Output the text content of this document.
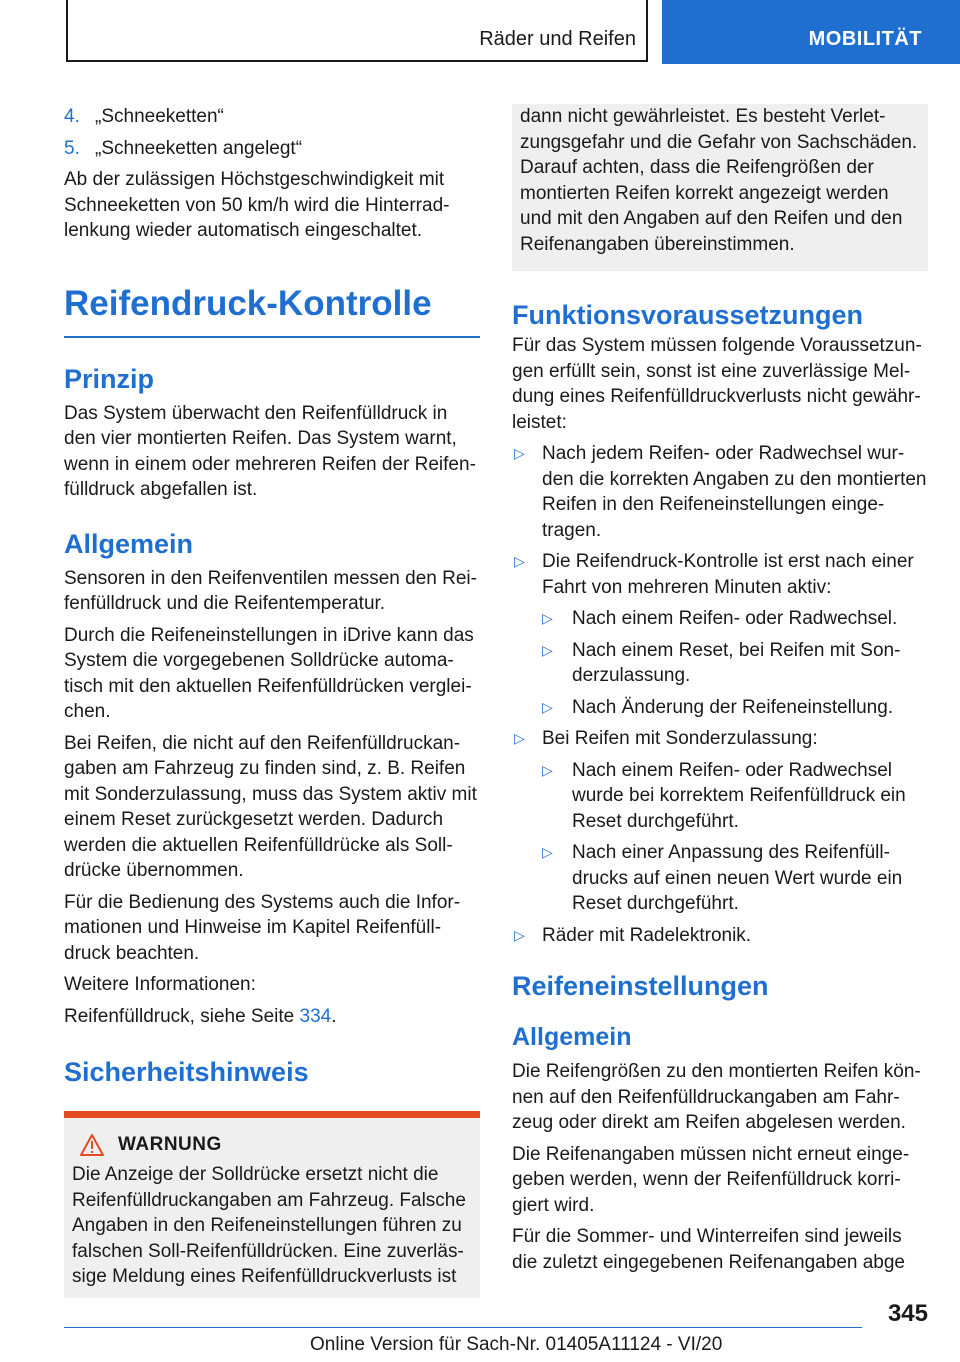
Räder und Reifen	MOBILITÄT
4. „Schneeketten“
5. „Schneeketten angelegt“

Ab der zulässigen Höchstgeschwindigkeit mit Schneeketten von 50 km/h wird die Hinterradlenkung wieder automatisch eingeschaltet.

Reifendruck-Kontrolle
Prinzip

Das System überwacht den Reifenfülldruck in den vier montierten Reifen. Das System warnt, wenn in einem oder mehreren Reifen der Reifenfülldruck abgefallen ist.

Allgemein

Sensoren in den Reifenventilen messen den Reifenfülldruck und die Reifentemperatur.

Durch die Reifeneinstellungen in iDrive kann das System die vorgegebenen Solldrücke automatisch mit den aktuellen Reifenfülldrücken vergleichen.

Bei Reifen, die nicht auf den Reifenfülldruckangaben am Fahrzeug zu finden sind, z. B. Reifen mit Sonderzulassung, muss das System aktiv mit einem Reset zurückgesetzt werden. Dadurch werden die aktuellen Reifenfülldrücke als Solldrücke übernommen.

Für die Bedienung des Systems auch die Informationen und Hinweise im Kapitel Reifenfülldruck beachten.

Weitere Informationen:

Reifenfülldruck, siehe Seite 334.

Sicherheitshinweis
WARNUNG

Die Anzeige der Solldrücke ersetzt nicht die Reifenfülldruckangaben am Fahrzeug. Falsche Angaben in den Reifeneinstellungen führen zu falschen Soll-Reifenfülldrücken. Eine zuverlässige Meldung eines Reifenfülldruckverlusts ist

dann nicht gewährleistet. Es besteht Verletzungsgefahr und die Gefahr von Sachschäden. Darauf achten, dass die Reifengrößen der montierten Reifen korrekt angezeigt werden und mit den Angaben auf den Reifen und den Reifenangaben übereinstimmen.

Funktionsvoraussetzungen

Für das System müssen folgende Voraussetzungen erfüllt sein, sonst ist eine zuverlässige Meldung eines Reifenfülldruckverlusts nicht gewährleistet:

▷ Nach jedem Reifen- oder Radwechsel wurden die korrekten Angaben zu den montierten Reifen in den Reifeneinstellungen eingetragen.
▷ Die Reifendruck-Kontrolle ist erst nach einer Fahrt von mehreren Minuten aktiv:
▷	Nach einem Reifen- oder Radwechsel.
▷	Nach einem Reset, bei Reifen mit Sonderzulassung.
▷	Nach Änderung der Reifeneinstellung.
▷ Bei Reifen mit Sonderzulassung:
▷	Nach einem Reifen- oder Radwechsel wurde bei korrektem Reifenfülldruck ein Reset durchgeführt.
▷	Nach einer Anpassung des Reifenfülldrucks auf einen neuen Wert wurde ein Reset durchgeführt.
▷ Räder mit Radelektronik.
Reifeneinstellungen
Allgemein

Die Reifengrößen zu den montierten Reifen können auf den Reifenfülldruckangaben am Fahrzeug oder direkt am Reifen abgelesen werden.

Die Reifenangaben müssen nicht erneut eingegeben werden, wenn der Reifenfülldruck korrigiert wird.

Für die Sommer- und Winterreifen sind jeweils die zuletzt eingegebenen Reifenangaben abge

345
Online Version für Sach-Nr. 01405A11124 - VI/20
